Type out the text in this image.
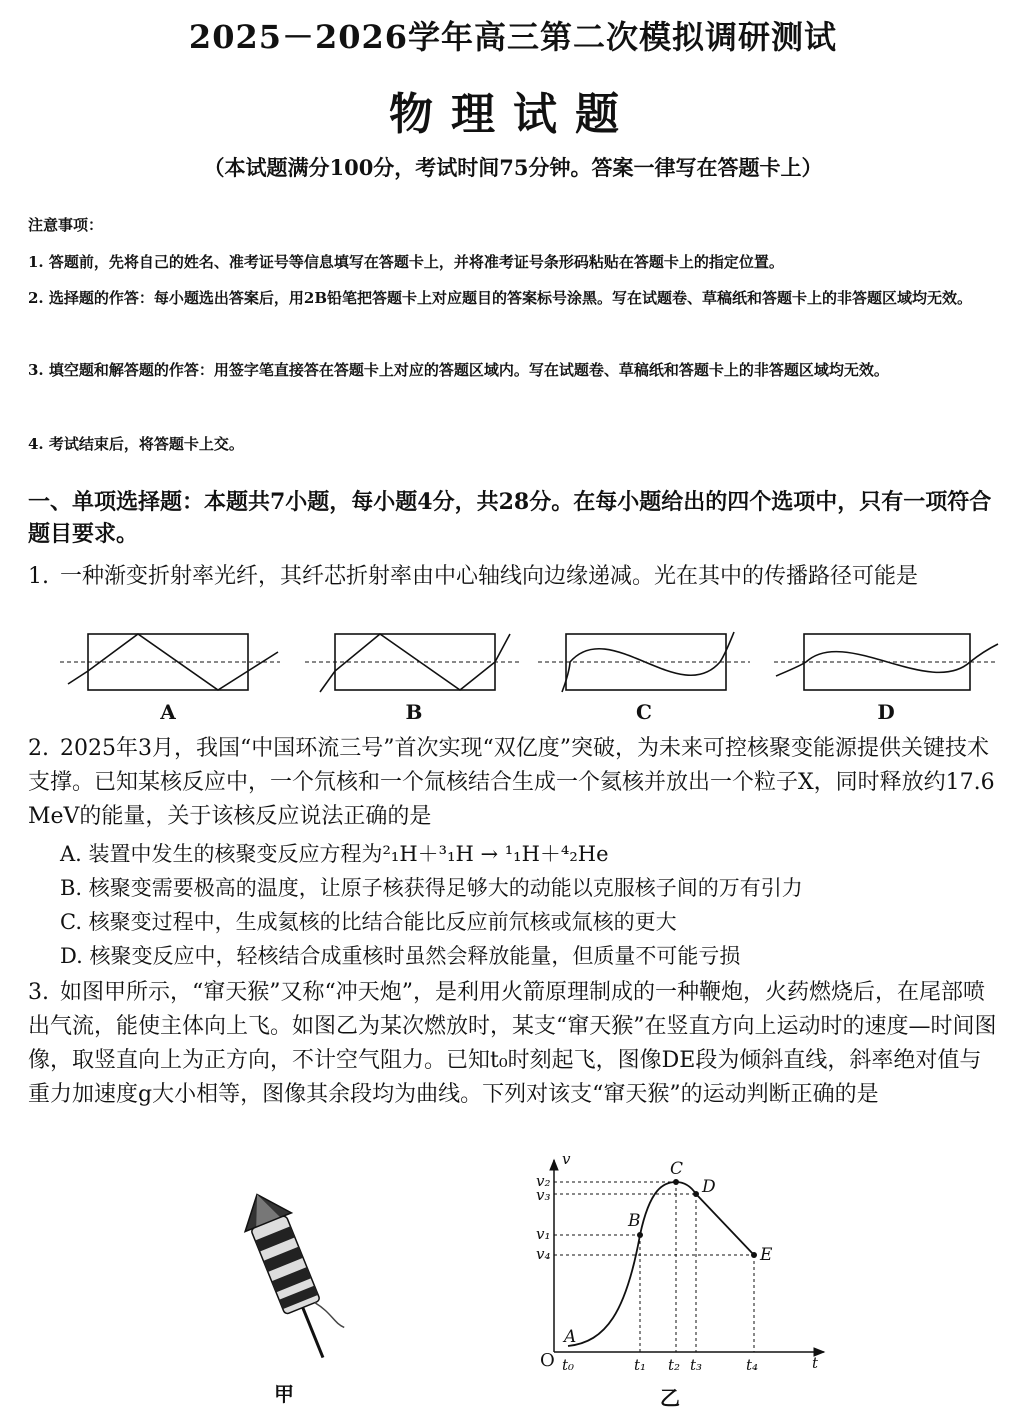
2025－2026学年高三第二次模拟调研测试
物理试题
（本试题满分100分，考试时间75分钟。答案一律写在答题卡上）
注意事项：
1. 答题前，先将自己的姓名、准考证号等信息填写在答题卡上，并将准考证号条形码粘贴在答题卡上的指定位置。
2. 选择题的作答：每小题选出答案后，用2B铅笔把答题卡上对应题目的答案标号涂黑。写在试题卷、草稿纸和答题卡上的非答题区域均无效。
3. 填空题和解答题的作答：用签字笔直接答在答题卡上对应的答题区域内。写在试题卷、草稿纸和答题卡上的非答题区域均无效。
4. 考试结束后，将答题卡上交。
一、单项选择题：本题共7小题，每小题4分，共28分。在每小题给出的四个选项中，只有一项符合题目要求。
1. 一种渐变折射率光纤，其纤芯折射率由中心轴线向边缘递减。光在其中的传播路径可能是
A	B	C	D
2. 2025年3月，我国“中国环流三号”首次实现“双亿度”突破，为未来可控核聚变能源提供关键技术支撑。已知某核反应中，一个氘核和一个氚核结合生成一个氦核并放出一个粒子X，同时释放约17.6 MeV的能量，关于该核反应说法正确的是
A. 装置中发生的核聚变反应方程为²₁H＋³₁H → ¹₁H＋⁴₂He
B. 核聚变需要极高的温度，让原子核获得足够大的动能以克服核子间的万有引力
C. 核聚变过程中，生成氦核的比结合能比反应前氘核或氚核的更大
D. 核聚变反应中，轻核结合成重核时虽然会释放能量，但质量不可能亏损
3. 如图甲所示，“窜天猴”又称“冲天炮”，是利用火箭原理制成的一种鞭炮，火药燃烧后，在尾部喷出气流，能使主体向上飞。如图乙为某次燃放时，某支“窜天猴”在竖直方向上运动时的速度—时间图像，取竖直向上为正方向，不计空气阻力。已知t₀时刻起飞，图像DE段为倾斜直线，斜率绝对值与重力加速度g大小相等，图像其余段均为曲线。下列对该支“窜天猴”的运动判断正确的是
甲
v
t
O
v₂
v₃
v₁
v₄
t₀	t₁ t₂ t₃	t₄
A
B
C
D
E
乙
